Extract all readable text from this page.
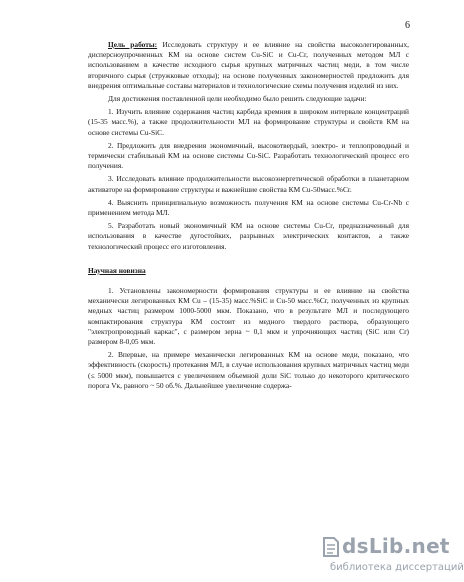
6

Цель работы: Исследовать структуру и ее влияние на свойства высоколегированных, дисперсноупрочненных КМ на основе систем Cu-SiC и Cu-Cr, полученных методом МЛ с использованием в качестве исходного сырья крупных матричных частиц меди, в том числе вторичного сырья (стружковые отходы); на основе полученных закономерностей предложить для внедрения оптимальные составы материалов и технологические схемы получения изделий из них.

Для достижения поставленной цели необходимо было решить следующие задачи:

1. Изучить влияние содержания частиц карбида кремния в широком интервале концентраций (15-35 масс.%), а также продолжительности МЛ на формирование структуры и свойств КМ на основе системы Cu-SiC.

2. Предложить для внедрения экономичный, высокотвердый, электро- и теплопроводный и термически стабильный КМ на основе системы Cu-SiC. Разработать технологический процесс его получения.

3. Исследовать влияние продолжительности высокоэнергетической обработки в планетарном активаторе на формирование структуры и важнейшие свойства КМ Cu-50масс.%Cr.

4. Выяснить принципиальную возможность получения КМ на основе системы Cu-Cr-Nb с применением метода МЛ.

5. Разработать новый экономичный КМ на основе системы Cu-Cr, предназначенный для использования в качестве дугостойких, разрывных электрических контактов, а также технологический процесс его изготовления.

Научная новизна

1. Установлены закономерности формирования структуры и ее влияние на свойства механически легированных КМ Cu – (15-35) масс.%SiC и Cu-50 масс.%Cr, полученных из крупных медных частиц размером 1000-5000 мкм. Показано, что в результате МЛ и последующего компактирования структура КМ состоит из медного твердого раствора, образующего "электропроводный каркас", с размером зерна ~ 0,1 мкм и упрочняющих частиц (SiC или Cr) размером 8-0,05 мкм.

2. Впервые, на примере механически легированных КМ на основе меди, показано, что эффективность (скорость) протекания МЛ, в случае использования крупных матричных частиц меди (≤ 5000 мкм), повышается с увеличением объемной доли SiC только до некоторого критического порога Vк, равного ~ 50 об.%. Дальнейшее увеличение содержа-

dsLib.net
библиотека диссертаций
